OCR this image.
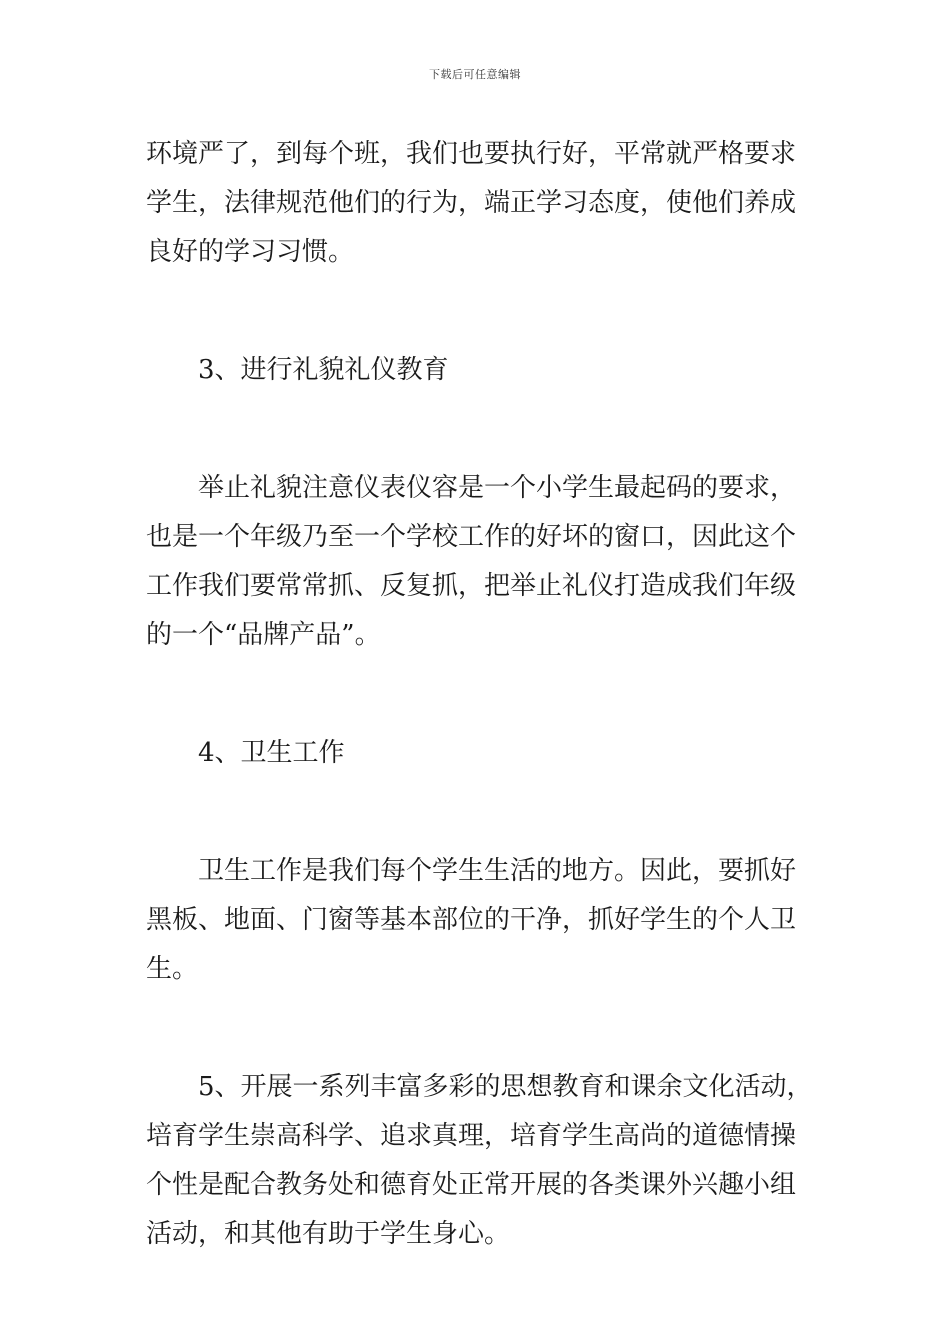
下载后可任意编辑
环境严了，到每个班，我们也要执行好，平常就严格要求
学生，法律规范他们的行为，端正学习态度，使他们养成
良好的学习习惯。
3、进行礼貌礼仪教育
举止礼貌注意仪表仪容是一个小学生最起码的要求，
也是一个年级乃至一个学校工作的好坏的窗口，因此这个
工作我们要常常抓、反复抓，把举止礼仪打造成我们年级
的一个“品牌产品”。
4、卫生工作
卫生工作是我们每个学生生活的地方。因此，要抓好
黑板、地面、门窗等基本部位的干净，抓好学生的个人卫
生。
5、开展一系列丰富多彩的思想教育和课余文化活动，
培育学生崇高科学、追求真理，培育学生高尚的道德情操
个性是配合教务处和德育处正常开展的各类课外兴趣小组
活动，和其他有助于学生身心。
